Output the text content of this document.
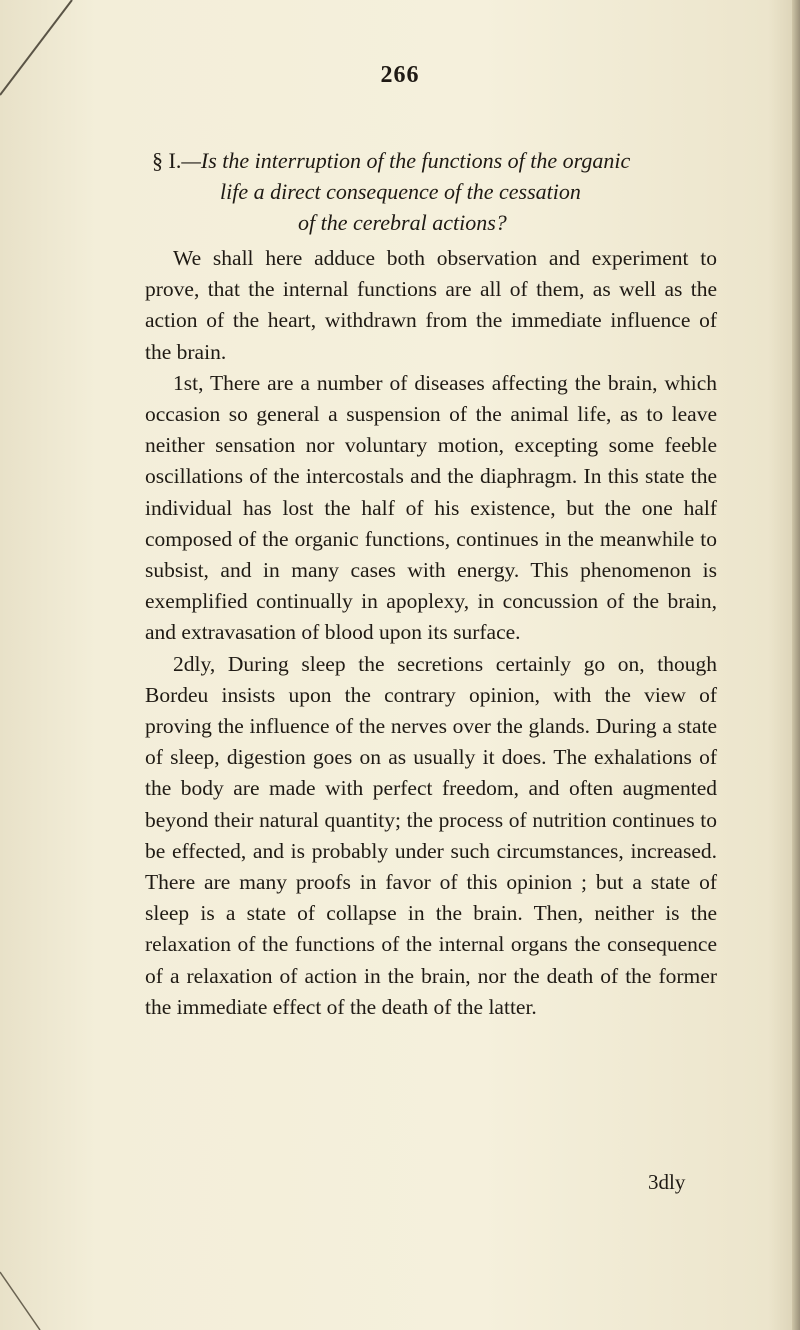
266
§ I.—Is the interruption of the functions of the organic
life a direct consequence of the cessation
of the cerebral actions?

We shall here adduce both observation and experiment to prove, that the internal functions are all of them, as well as the action of the heart, withdrawn from the immediate influence of the brain.

1st, There are a number of diseases affecting the brain, which occasion so general a suspension of the animal life, as to leave neither sensation nor voluntary motion, excepting some feeble oscillations of the intercostals and the diaphragm. In this state the individual has lost the half of his existence, but the one half composed of the organic functions, continues in the meanwhile to subsist, and in many cases with energy. This phenomenon is exemplified continually in apoplexy, in concussion of the brain, and extravasation of blood upon its surface.

2dly, During sleep the secretions certainly go on, though Bordeu insists upon the contrary opinion, with the view of proving the influence of the nerves over the glands. During a state of sleep, digestion goes on as usually it does. The exhalations of the body are made with perfect freedom, and often augmented beyond their natural quantity; the process of nutrition continues to be effected, and is probably under such circumstances, increased. There are many proofs in favor of this opinion ; but a state of sleep is a state of collapse in the brain. Then, neither is the relaxation of the functions of the internal organs the consequence of a relaxation of action in the brain, nor the death of the former the immediate effect of the death of the latter.

3dly
